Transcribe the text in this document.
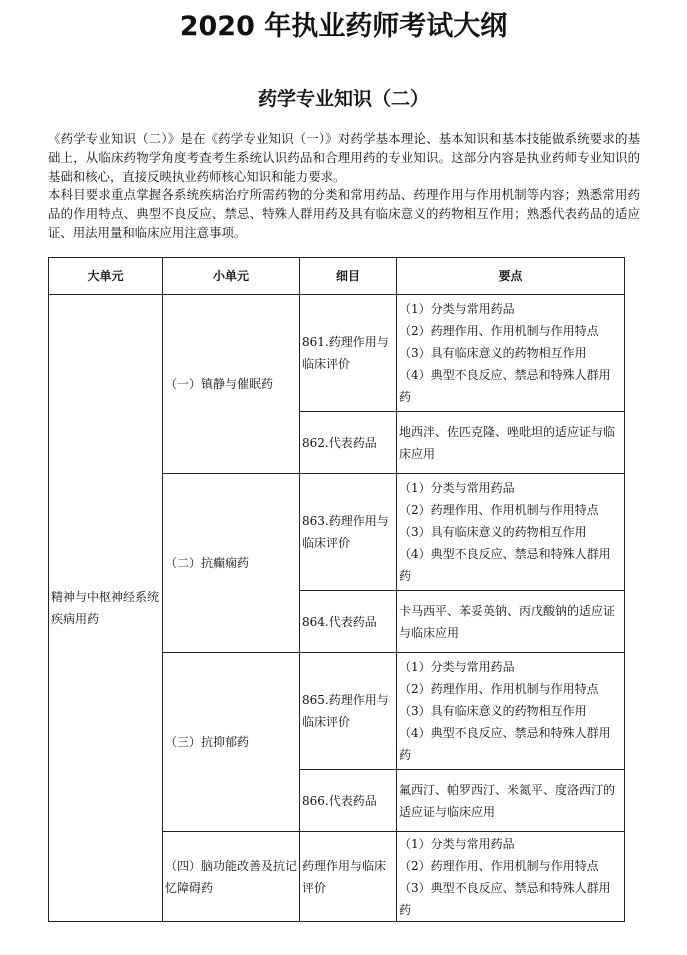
2020 年执业药师考试大纲
药学专业知识（二）

《药学专业知识（二）》是在《药学专业知识（一）》对药学基本理论、基本知识和基本技能做系统要求的基础上，从临床药物学角度考查考生系统认识药品和合理用药的专业知识。这部分内容是执业药师专业知识的基础和核心，直接反映执业药师核心知识和能力要求。

本科目要求重点掌握各系统疾病治疗所需药物的分类和常用药品、药理作用与作用机制等内容；熟悉常用药品的作用特点、典型不良反应、禁忌、特殊人群用药及具有临床意义的药物相互作用；熟悉代表药品的适应证、用法用量和临床应用注意事项。

大单元	小单元	细目	要点
精神与中枢神经系统疾病用药	（一）镇静与催眠药	861.药理作用与临床评价	（1）分类与常用药品
（2）药理作用、作用机制与作用特点
（3）具有临床意义的药物相互作用
（4）典型不良反应、禁忌和特殊人群用药

		862.代表药品	地西泮、佐匹克隆、唑吡坦的适应证与临床应用

	（二）抗癫痫药	863.药理作用与临床评价	（1）分类与常用药品
（2）药理作用、作用机制与作用特点
（3）具有临床意义的药物相互作用
（4）典型不良反应、禁忌和特殊人群用药

		864.代表药品	卡马西平、苯妥英钠、丙戊酸钠的适应证与临床应用

	（三）抗抑郁药	865.药理作用与临床评价	（1）分类与常用药品
（2）药理作用、作用机制与作用特点
（3）具有临床意义的药物相互作用
（4）典型不良反应、禁忌和特殊人群用药

		866.代表药品	氟西汀、帕罗西汀、米氮平、度洛西汀的适应证与临床应用

	（四）脑功能改善及抗记忆障碍药	药理作用与临床评价	（1）分类与常用药品
（2）药理作用、作用机制与作用特点
（3）典型不良反应、禁忌和特殊人群用药
